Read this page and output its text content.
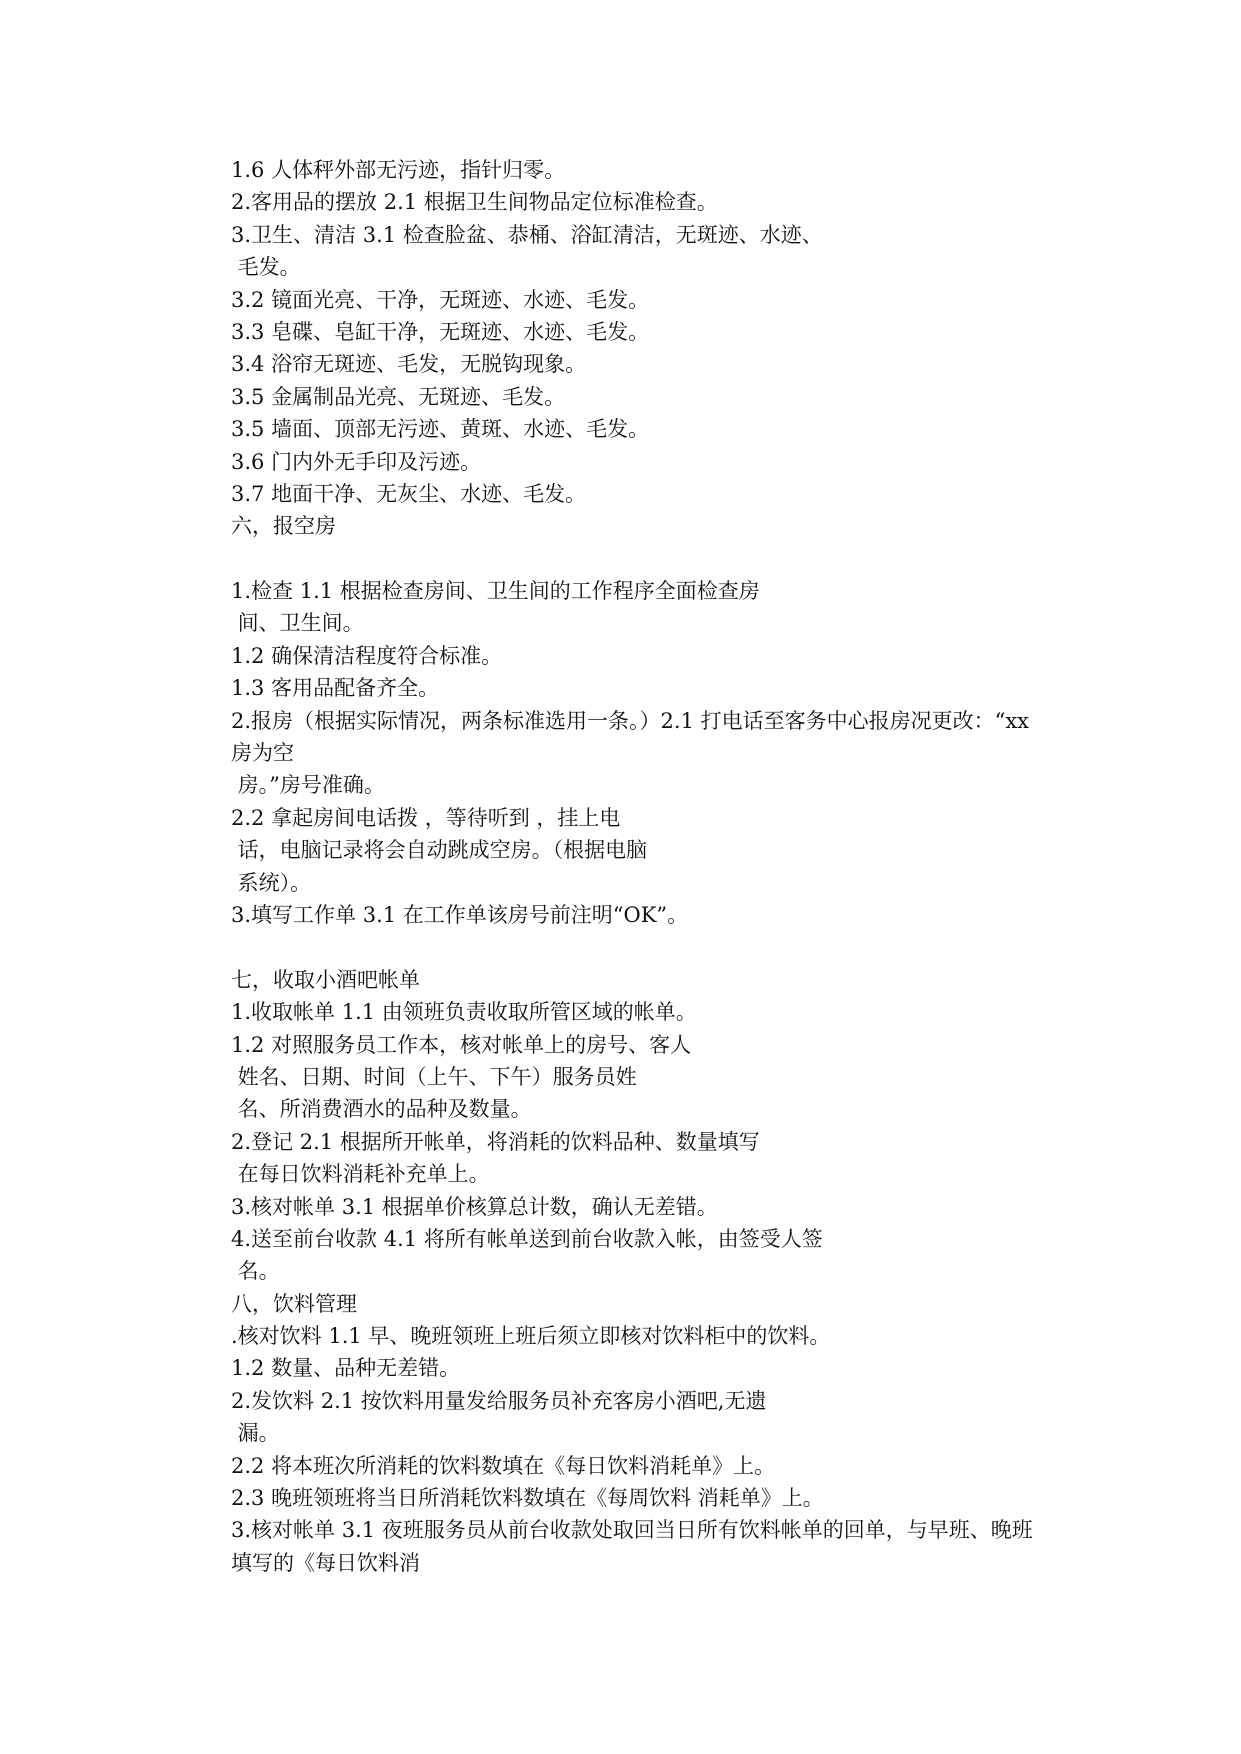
1.6 人体秤外部无污迹，指针归零。
2.客用品的摆放 2.1 根据卫生间物品定位标准检查。
3.卫生、清洁 3.1 检查脸盆、恭桶、浴缸清洁，无斑迹、水迹、
毛发。
3.2 镜面光亮、干净，无斑迹、水迹、毛发。
3.3 皂碟、皂缸干净，无斑迹、水迹、毛发。
3.4 浴帘无斑迹、毛发，无脱钩现象。
3.5 金属制品光亮、无斑迹、毛发。
3.5 墙面、顶部无污迹、黄斑、水迹、毛发。
3.6 门内外无手印及污迹。
3.7 地面干净、无灰尘、水迹、毛发。
六，报空房
1.检查 1.1 根据检查房间、卫生间的工作程序全面检查房
间、卫生间。
1.2 确保清洁程度符合标准。
1.3 客用品配备齐全。
2.报房（根据实际情况，两条标准选用一条。）2.1 打电话至客务中心报房况更改：“xx
房为空
房。”房号准确。
2.2 拿起房间电话拨 ，等待听到 ，挂上电
话，电脑记录将会自动跳成空房。（根据电脑
系统）。
3.填写工作单 3.1 在工作单该房号前注明“OK”。
七，收取小酒吧帐单
1.收取帐单 1.1 由领班负责收取所管区域的帐单。
1.2 对照服务员工作本，核对帐单上的房号、客人
姓名、日期、时间（上午、下午）服务员姓
名、所消费酒水的品种及数量。
2.登记 2.1 根据所开帐单，将消耗的饮料品种、数量填写
在每日饮料消耗补充单上。
3.核对帐单 3.1 根据单价核算总计数，确认无差错。
4.送至前台收款 4.1 将所有帐单送到前台收款入帐，由签受人签
名。
八，饮料管理
.核对饮料 1.1 早、晚班领班上班后须立即核对饮料柜中的饮料。
1.2 数量、品种无差错。
2.发饮料 2.1 按饮料用量发给服务员补充客房小酒吧,无遗
漏。
2.2 将本班次所消耗的饮料数填在《每日饮料消耗单》上。
2.3 晚班领班将当日所消耗饮料数填在《每周饮料 消耗单》上。
3.核对帐单 3.1 夜班服务员从前台收款处取回当日所有饮料帐单的回单，与早班、晚班
填写的《每日饮料消
